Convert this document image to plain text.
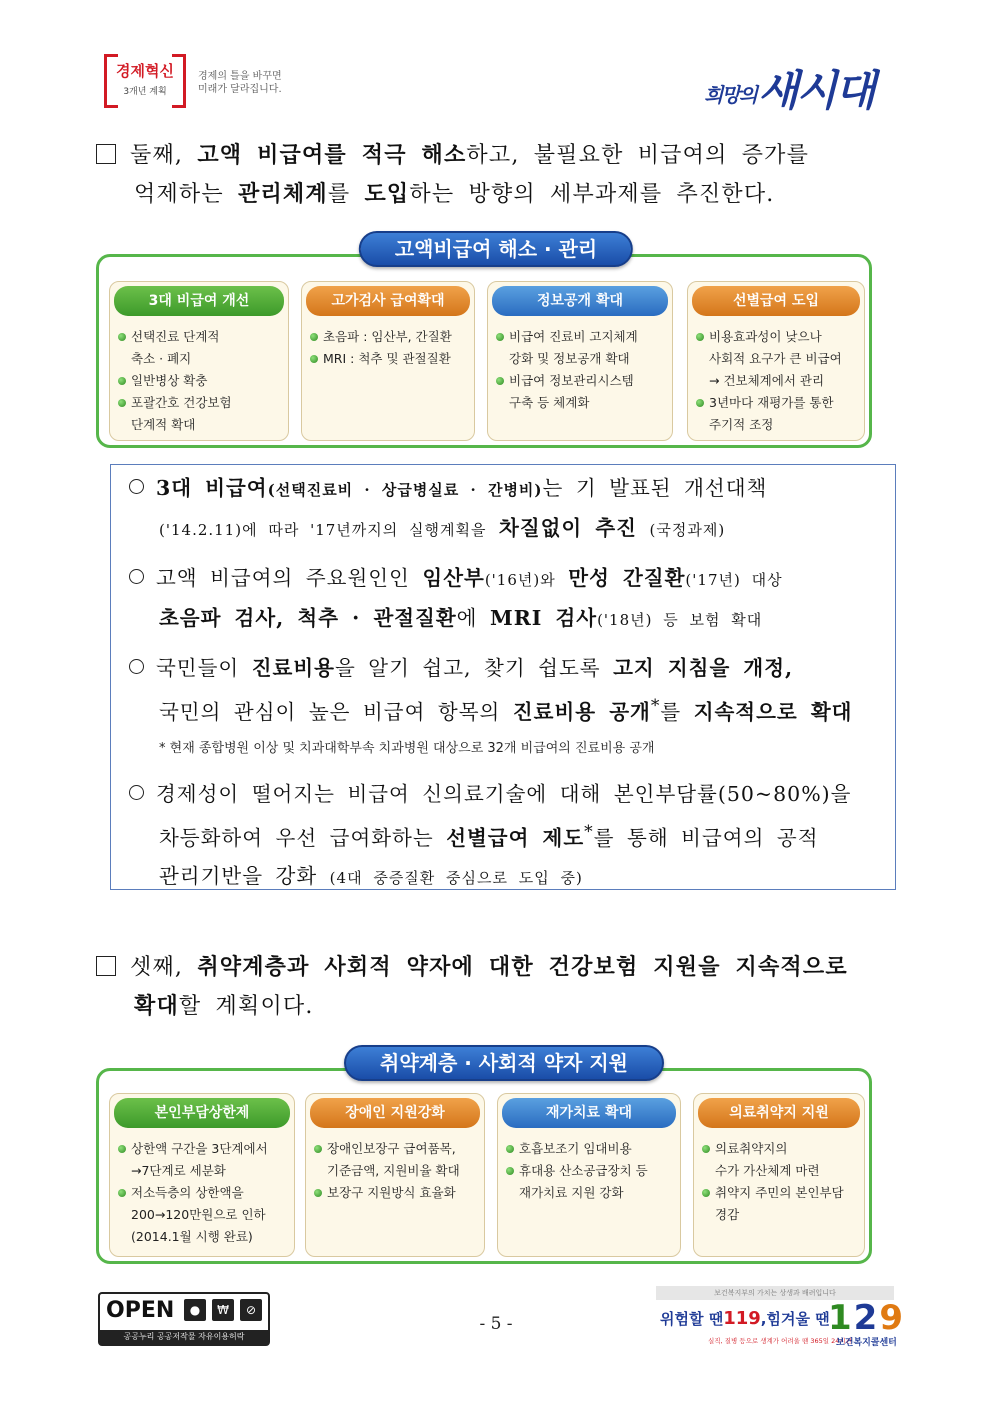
경제혁신
3개년 계획
경제의 틀을 바꾸면
미래가 달라집니다.	희망의새시대
둘째, 고액 비급여를 적극 해소하고, 불필요한 비급여의 증가를
억제하는 관리체계를 도입하는 방향의 세부과제를 추진한다.
3대 비급여 개선
선택진료 단계적
축소 · 폐지
일반병상 확충
포괄간호 건강보험
단계적 확대
고가검사 급여확대
초음파 : 임산부, 간질환
MRI : 척추 및 관절질환
정보공개 확대
비급여 진료비 고지체계
강화 및 정보공개 확대
비급여 정보관리시스템
구축 등 체계화
선별급여 도입
비용효과성이 낮으나
사회적 요구가 큰 비급여
→ 건보체계에서 관리
3년마다 재평가를 통한
주기적 조정
고액비급여 해소 · 관리
3대 비급여(선택진료비 · 상급병실료 · 간병비)는 기 발표된 개선대책
('14.2.11)에 따라 '17년까지의 실행계획을 차질없이 추진 (국정과제)
고액 비급여의 주요원인인 임산부('16년)와 만성 간질환('17년) 대상
초음파 검사, 척추 · 관절질환에 MRI 검사('18년) 등 보험 확대
국민들이 진료비용을 알기 쉽고, 찾기 쉽도록 고지 지침을 개정,
국민의 관심이 높은 비급여 항목의 진료비용 공개*를 지속적으로 확대
* 현재 종합병원 이상 및 치과대학부속 치과병원 대상으로 32개 비급여의 진료비용 공개
경제성이 떨어지는 비급여 신의료기술에 대해 본인부담률(50~80%)을
차등화하여 우선 급여화하는 선별급여 제도*를 통해 비급여의 공적
관리기반을 강화 (4대 중증질환 중심으로 도입 중)
셋째, 취약계층과 사회적 약자에 대한 건강보험 지원을 지속적으로
확대할 계획이다.
본인부담상한제
상한액 구간을 3단계에서
→7단계로 세분화
저소득층의 상한액을
200→120만원으로 인하
(2014.1월 시행 완료)
장애인 지원강화
장애인보장구 급여품목,
기준금액, 지원비율 확대
보장구 지원방식 효율화
재가치료 확대
호흡보조기 임대비용
휴대용 산소공급장치 등
재가치료 지원 강화
의료취약지 지원
의료취약지의
수가 가산체계 마련
취약지 주민의 본인부담
경감
취약계층 · 사회적 약자 지원
OPEN	●	₩	⊘
공공누리 공공저작물 자유이용허락
- 5 -
보건복지부의 가치는 상생과 배려입니다
위험할 땐119,힘겨울 땐
129
실직, 질병 등으로 생계가 어려울 땐 365일 24시간
보건복지콜센터
